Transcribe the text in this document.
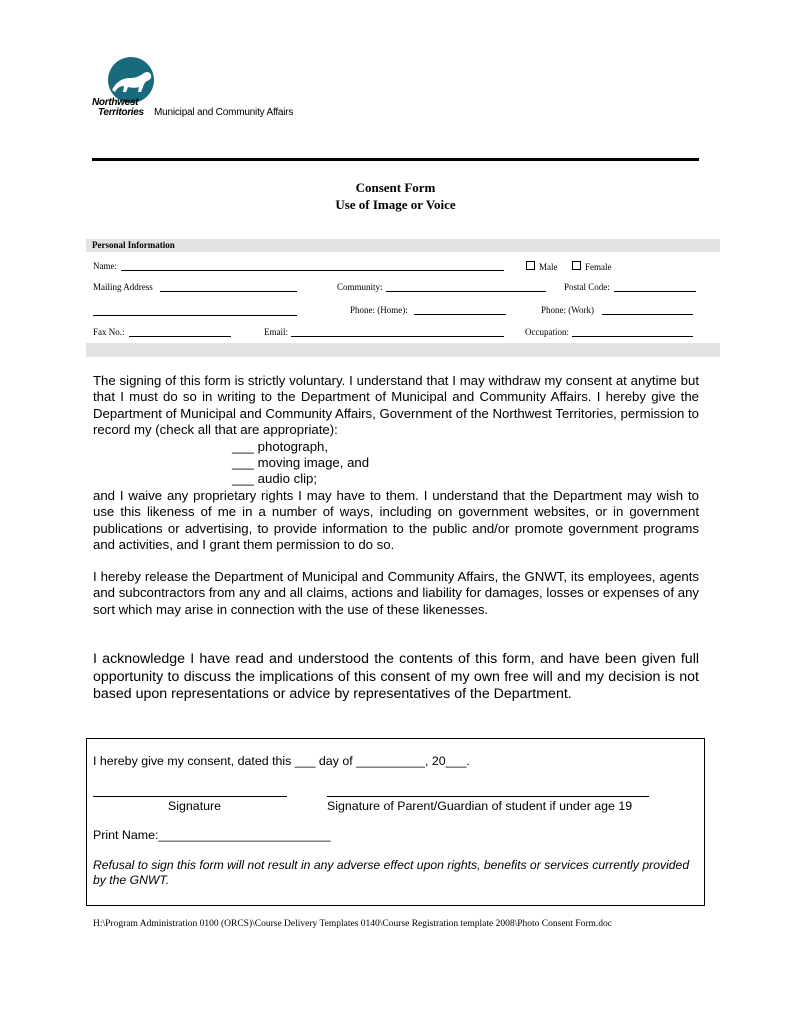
Northwest
Territories Municipal and Community Affairs
Consent Form
Use of Image or Voice
Personal Information
Name:	Male	Female
Mailing Address	Community:	Postal Code:
Phone: (Home):	Phone: (Work)
Fax No.:	Email:	Occupation:
The signing of this form is strictly voluntary. I understand that I may withdraw my consent at anytime but that I must do so in writing to the Department of Municipal and Community Affairs. I hereby give the Department of Municipal and Community Affairs, Government of the Northwest Territories, permission to record my (check all that are appropriate):
___ photograph,
___ moving image, and
___ audio clip;
and I waive any proprietary rights I may have to them. I understand that the Department may wish to use this likeness of me in a number of ways, including on government websites, or in government publications or advertising, to provide information to the public and/or promote government programs and activities, and I grant them permission to do so.
I hereby release the Department of Municipal and Community Affairs, the GNWT, its employees, agents and subcontractors from any and all claims, actions and liability for damages, losses or expenses of any sort which may arise in connection with the use of these likenesses.
I acknowledge I have read and understood the contents of this form, and have been given full opportunity to discuss the implications of this consent of my own free will and my decision is not based upon representations or advice by representatives of the Department.
I hereby give my consent, dated this ___ day of __________, 20___.
Signature	Signature of Parent/Guardian of student if under age 19
Print Name:_________________________
Refusal to sign this form will not result in any adverse effect upon rights, benefits or services currently provided by the GNWT.
H:\Program Administration 0100 (ORCS)\Course Delivery Templates 0140\Course Registration template 2008\Photo Consent Form.doc
